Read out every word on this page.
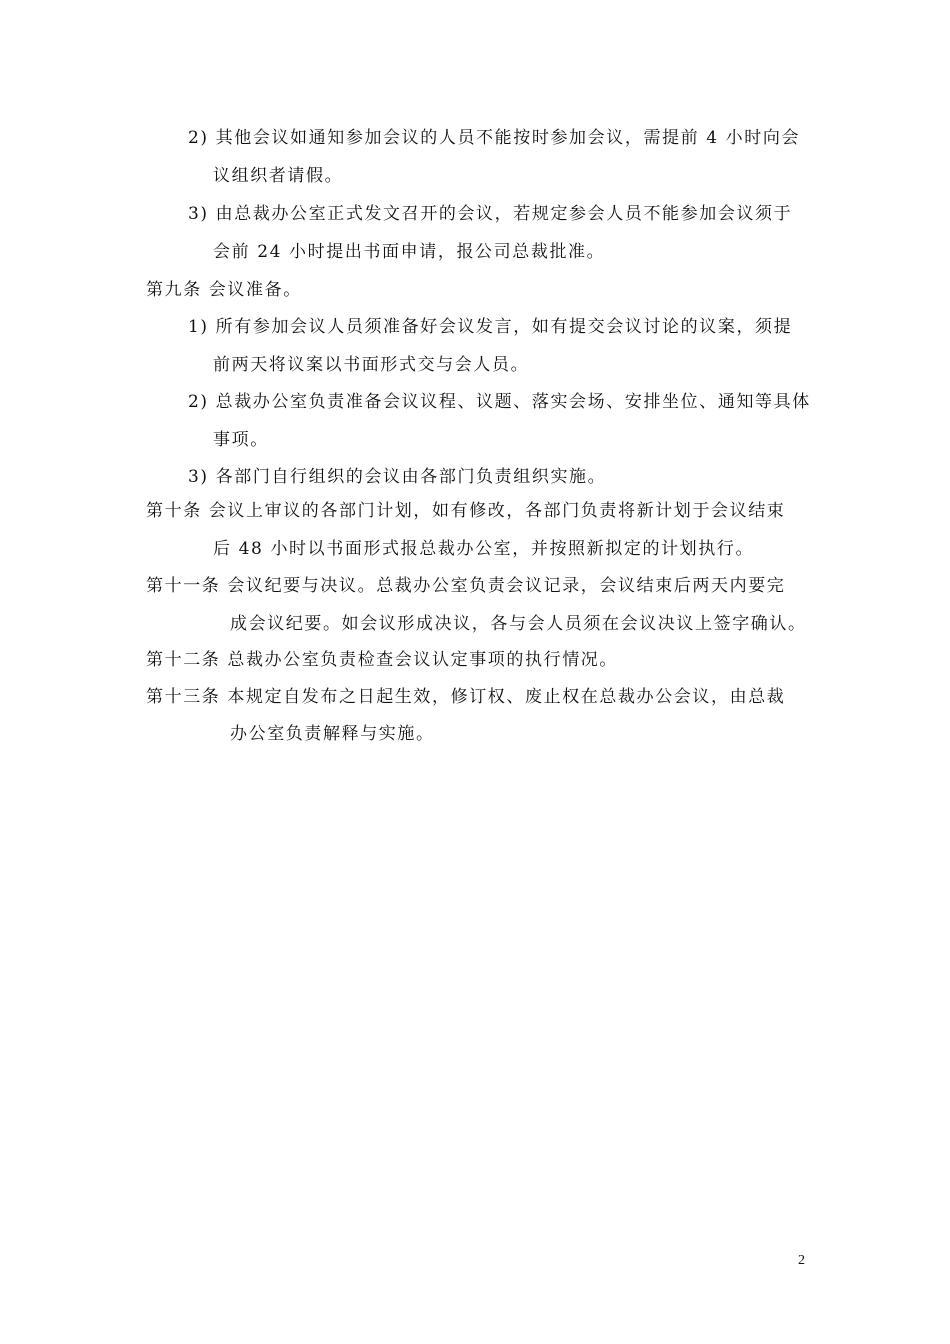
2) 其他会议如通知参加会议的人员不能按时参加会议，需提前 4 小时向会
议组织者请假。
3) 由总裁办公室正式发文召开的会议，若规定参会人员不能参加会议须于
会前 24 小时提出书面申请，报公司总裁批准。
第九条 会议准备。
1) 所有参加会议人员须准备好会议发言，如有提交会议讨论的议案，须提
前两天将议案以书面形式交与会人员。
2) 总裁办公室负责准备会议议程、议题、落实会场、安排坐位、通知等具体
事项。
3) 各部门自行组织的会议由各部门负责组织实施。
第十条 会议上审议的各部门计划，如有修改，各部门负责将新计划于会议结束
后 48 小时以书面形式报总裁办公室，并按照新拟定的计划执行。
第十一条 会议纪要与决议。总裁办公室负责会议记录，会议结束后两天内要完
成会议纪要。如会议形成决议，各与会人员须在会议决议上签字确认。
第十二条 总裁办公室负责检查会议认定事项的执行情况。
第十三条 本规定自发布之日起生效，修订权、废止权在总裁办公会议，由总裁
办公室负责解释与实施。
2
